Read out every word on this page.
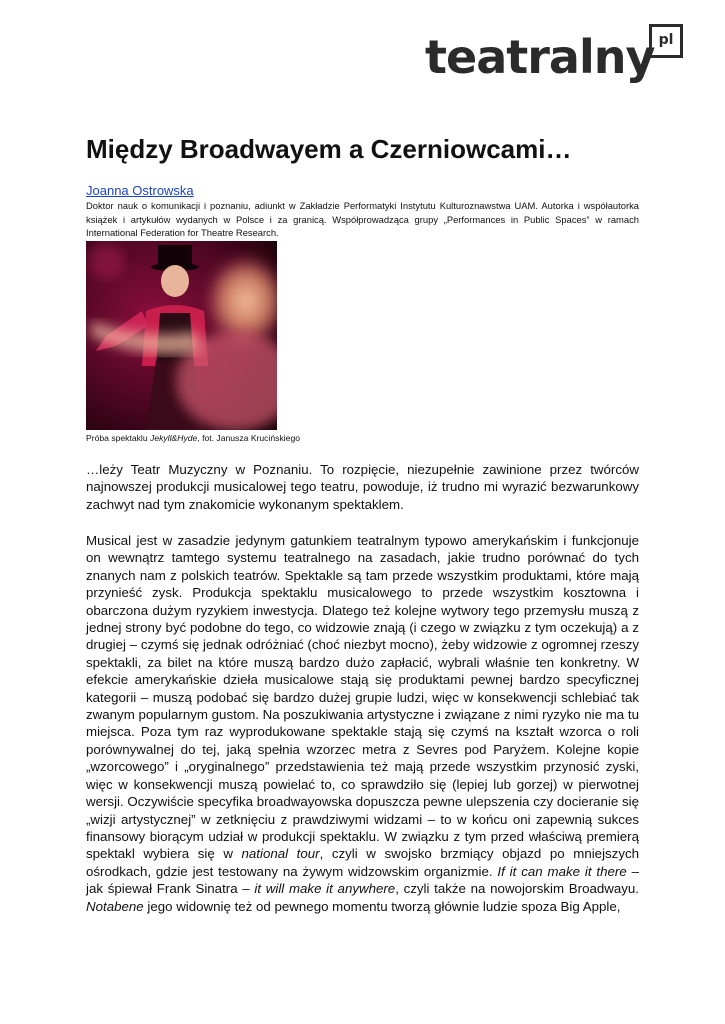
teatralny pl
Między Broadwayem a Czerniowcami…
Joanna Ostrowska

Doktor nauk o komunikacji i poznaniu, adiunkt w Zakładzie Performatyki Instytutu Kulturoznawstwa UAM. Autorka i współautorka książek i artykułów wydanych w Polsce i za granicą. Współprowadząca grupy „Performances in Public Spaces” w ramach International Federation for Theatre Research.

Próba spektaklu Jekyll&Hyde, fot. Janusza Krucińskiego

…leży Teatr Muzyczny w Poznaniu. To rozpięcie, niezupełnie zawinione przez twórców najnowszej produkcji musicalowej tego teatru, powoduje, iż trudno mi wyrazić bezwarunkowy zachwyt nad tym znakomicie wykonanym spektaklem.

Musical jest w zasadzie jedynym gatunkiem teatralnym typowo amerykańskim i funkcjonuje on wewnątrz tamtego systemu teatralnego na zasadach, jakie trudno porównać do tych znanych nam z polskich teatrów. Spektakle są tam przede wszystkim produktami, które mają przynieść zysk. Produkcja spektaklu musicalowego to przede wszystkim kosztowna i obarczona dużym ryzykiem inwestycja. Dlatego też kolejne wytwory tego przemysłu muszą z jednej strony być podobne do tego, co widzowie znają (i czego w związku z tym oczekują) a z drugiej – czymś się jednak odróżniać (choć niezbyt mocno), żeby widzowie z ogromnej rzeszy spektakli, za bilet na które muszą bardzo dużo zapłacić, wybrali właśnie ten konkretny. W efekcie amerykańskie dzieła musicalowe stają się produktami pewnej bardzo specyficznej kategorii – muszą podobać się bardzo dużej grupie ludzi, więc w konsekwencji schlebiać tak zwanym popularnym gustom. Na poszukiwania artystyczne i związane z nimi ryzyko nie ma tu miejsca. Poza tym raz wyprodukowane spektakle stają się czymś na kształt wzorca o roli porównywalnej do tej, jaką spełnia wzorzec metra z Sevres pod Paryżem. Kolejne kopie „wzorcowego” i „oryginalnego” przedstawienia też mają przede wszystkim przynosić zyski, więc w konsekwencji muszą powielać to, co sprawdziło się (lepiej lub gorzej) w pierwotnej wersji. Oczywiście specyfika broadwayowska dopuszcza pewne ulepszenia czy docieranie się „wizji artystycznej” w zetknięciu z prawdziwymi widzami – to w końcu oni zapewnią sukces finansowy biorącym udział w produkcji spektaklu. W związku z tym przed właściwą premierą spektakl wybiera się w national tour, czyli w swojsko brzmiący objazd po mniejszych ośrodkach, gdzie jest testowany na żywym widzowskim organizmie. If it can make it there – jak śpiewał Frank Sinatra – it will make it anywhere, czyli także na nowojorskim Broadwayu. Notabene jego widownię też od pewnego momentu tworzą głównie ludzie spoza Big Apple,
